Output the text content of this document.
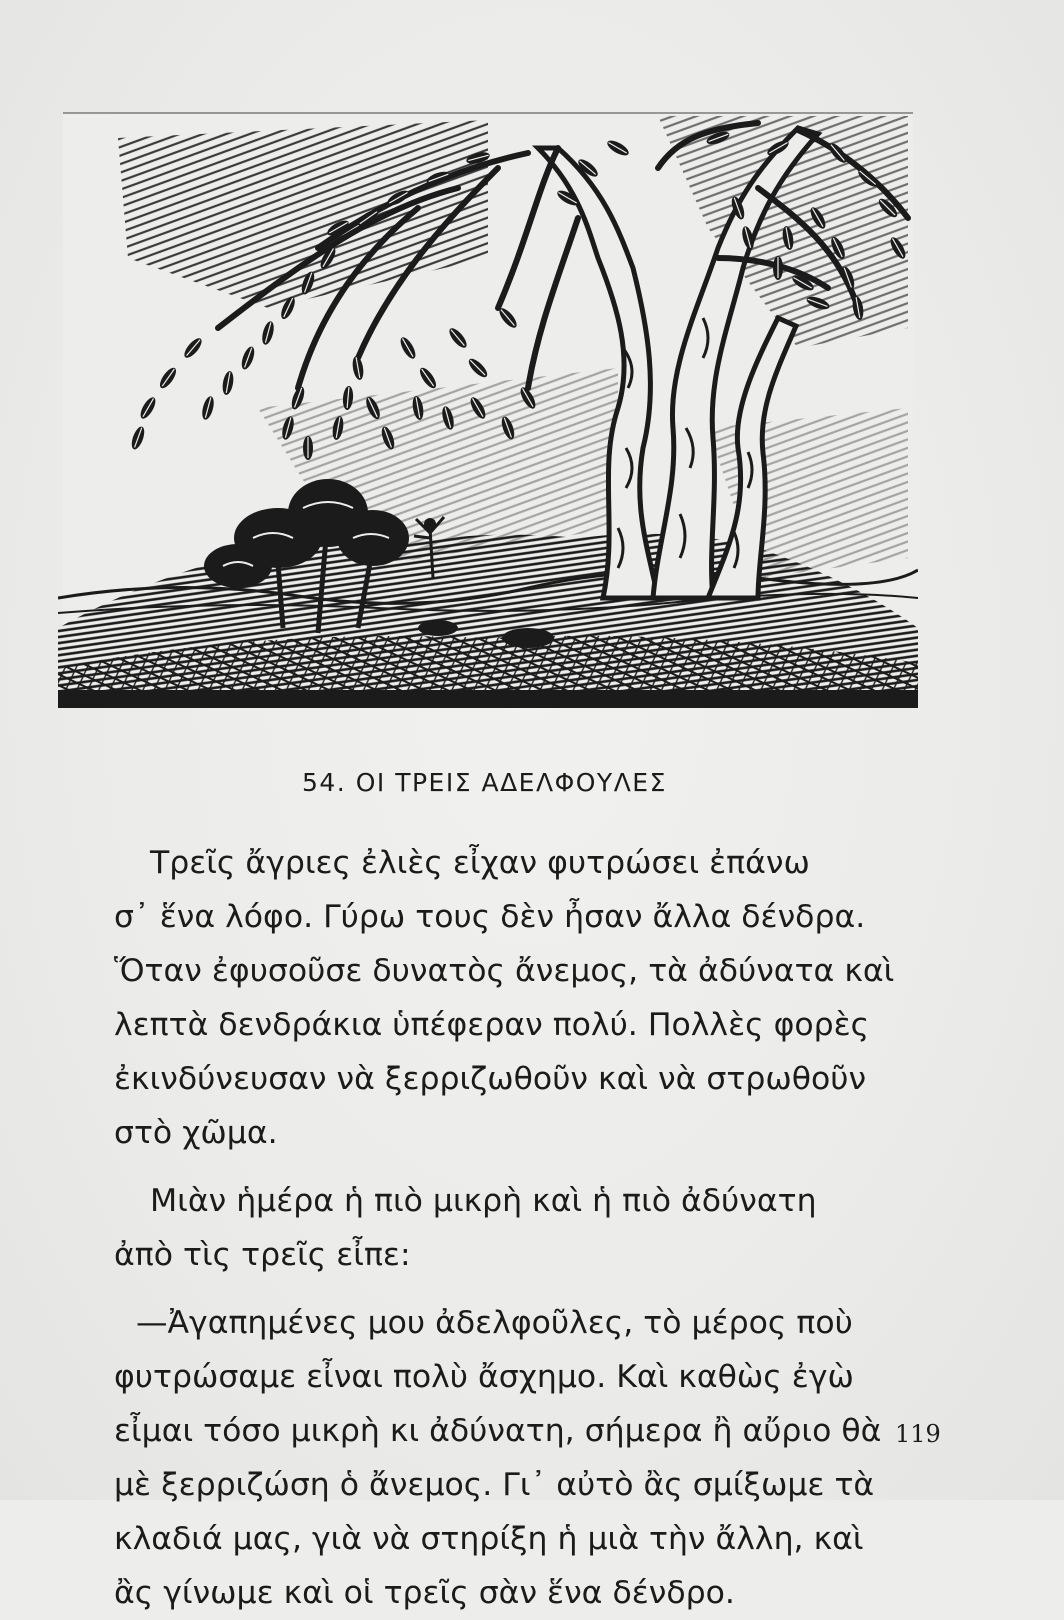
54. ΟΙ ΤΡΕΙΣ ΑΔΕΛΦΟΥΛΕΣ

Τρεῖς ἄγριες ἐλιὲς εἶχαν φυτρώσει ἐπάνω
σ᾽ ἕνα λόφο. Γύρω τους δὲν ἦσαν ἄλλα δένδρα.
Ὅταν ἐφυσοῦσε δυνατὸς ἄνεμος, τὰ ἀδύνατα καὶ
λεπτὰ δενδράκια ὑπέφεραν πολύ. Πολλὲς φορὲς
ἐκινδύνευσαν νὰ ξερριζωθοῦν καὶ νὰ στρωθοῦν
στὸ χῶμα.

Μιὰν ἡμέρα ἡ πιὸ μικρὴ καὶ ἡ πιὸ ἀδύνατη
ἀπὸ τὶς τρεῖς εἶπε:

—Ἀγαπημένες μου ἀδελφοῦλες, τὸ μέρος ποὺ
φυτρώσαμε εἶναι πολὺ ἄσχημο. Καὶ καθὼς ἐγὼ
εἶμαι τόσο μικρὴ κι ἀδύνατη, σήμερα ἢ αὔριο θὰ
μὲ ξερριζώση ὁ ἄνεμος. Γι᾽ αὐτὸ ἂς σμίξωμε τὰ
κλαδιά μας, γιὰ νὰ στηρίξη ἡ μιὰ τὴν ἄλλη, καὶ
ἂς γίνωμε καὶ οἱ τρεῖς σὰν ἕνα δένδρο.

119
